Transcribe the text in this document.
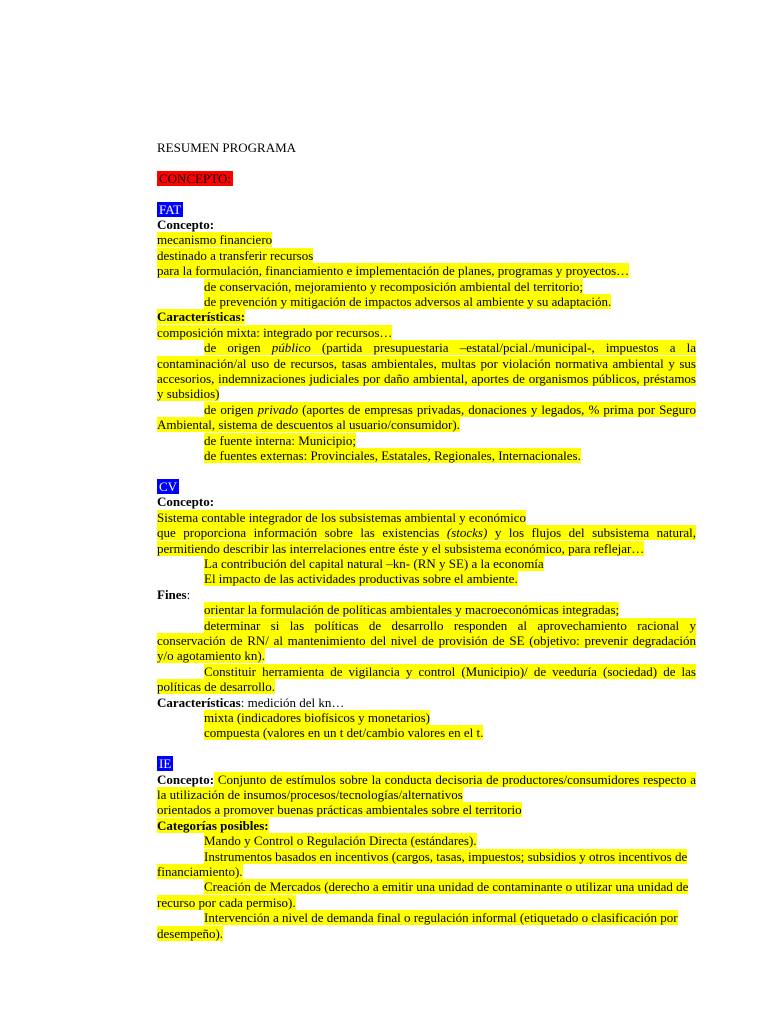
RESUMEN PROGRAMA

CONCEPTO:

FAT

Concepto:

mecanismo financiero

destinado a transferir recursos

para la formulación, financiamiento e implementación de planes, programas y proyectos…

de conservación, mejoramiento y recomposición ambiental del territorio;

de prevención y mitigación de impactos adversos al ambiente y su adaptación.

Características:

composición mixta: integrado por recursos…

de origen público (partida presupuestaria –estatal/pcial./municipal-, impuestos a la contaminación/al uso de recursos, tasas ambientales, multas por violación normativa ambiental y sus accesorios, indemnizaciones judiciales por daño ambiental, aportes de organismos públicos, préstamos y subsidios)

de origen privado (aportes de empresas privadas, donaciones y legados, % prima por Seguro Ambiental, sistema de descuentos al usuario/consumidor).

de fuente interna: Municipio;

de fuentes externas: Provinciales, Estatales, Regionales, Internacionales.

CV

Concepto:

Sistema contable integrador de los subsistemas ambiental y económico

que proporciona información sobre las existencias (stocks) y los flujos del subsistema natural, permitiendo describir las interrelaciones entre éste y el subsistema económico, para reflejar…

La contribución del capital natural –kn- (RN y SE) a la economía

El impacto de las actividades productivas sobre el ambiente.

Fines:

orientar la formulación de políticas ambientales y macroeconómicas integradas;

determinar si las políticas de desarrollo responden al aprovechamiento racional y conservación de RN/ al mantenimiento del nivel de provisión de SE (objetivo: prevenir degradación y/o agotamiento kn).

Constituir herramienta de vigilancia y control (Municipio)/ de veeduría (sociedad) de las políticas de desarrollo.

Características: medición del kn…

mixta (indicadores biofísicos y monetarios)

compuesta (valores en un t det/cambio valores en el t.

IE

Concepto: Conjunto de estímulos sobre la conducta decisoria de productores/consumidores respecto a la utilización de insumos/procesos/tecnologías/alternativos

orientados a promover buenas prácticas ambientales sobre el territorio

Categorías posibles:

Mando y Control o Regulación Directa (estándares).

Instrumentos basados en incentivos (cargos, tasas, impuestos; subsidios y otros incentivos de financiamiento).

Creación de Mercados (derecho a emitir una unidad de contaminante o utilizar una unidad de recurso por cada permiso).

Intervención a nivel de demanda final o regulación informal (etiquetado o clasificación por desempeño).
